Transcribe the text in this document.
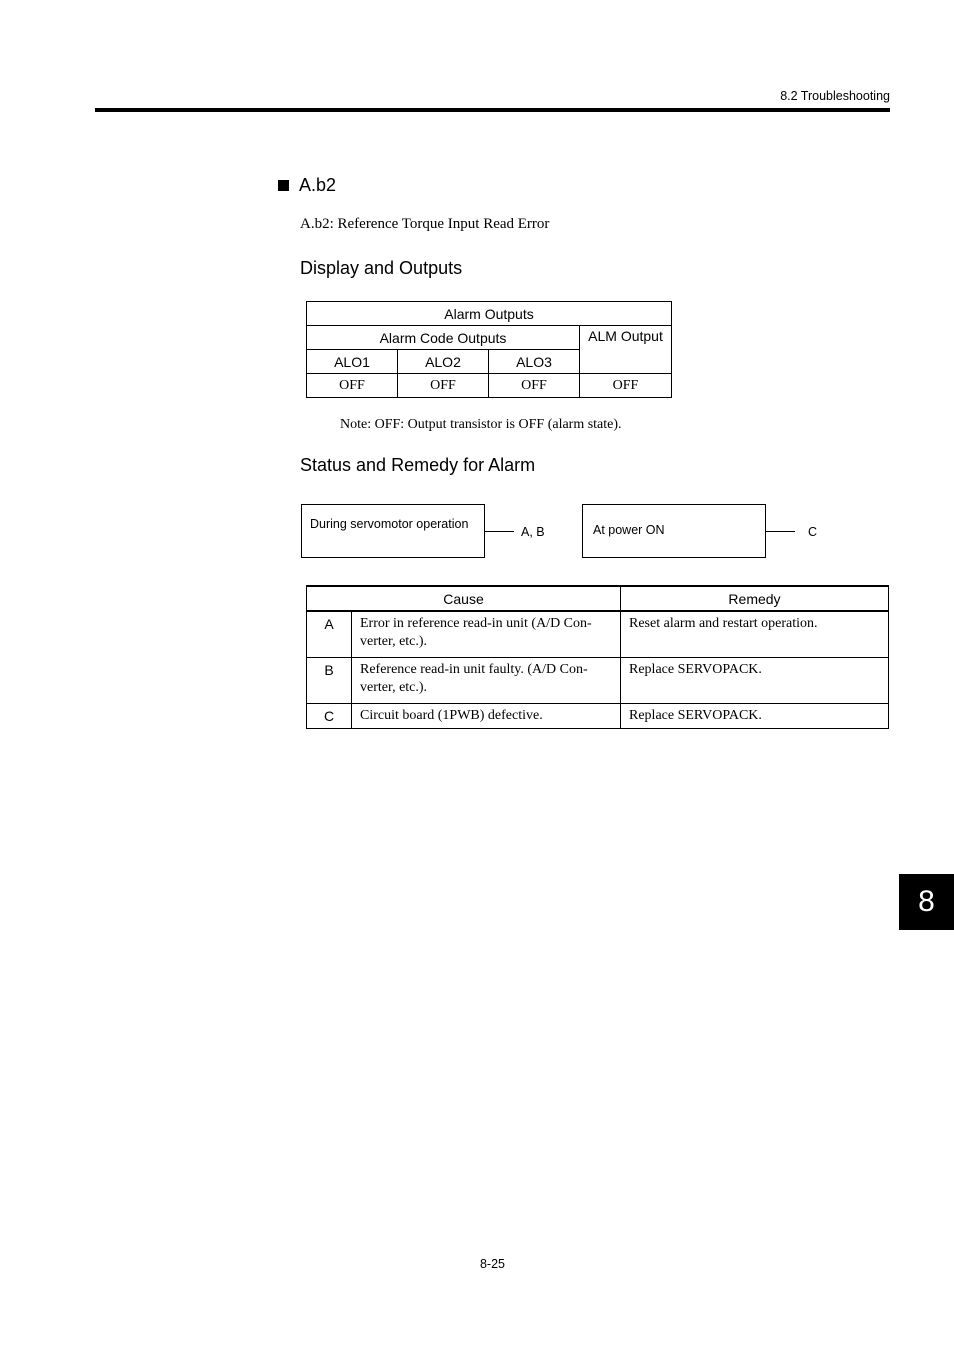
8.2 Troubleshooting
A.b2
A.b2: Reference Torque Input Read Error
Display and Outputs
Alarm Outputs			
Alarm Code Outputs			ALM Output
ALO1	ALO2	ALO3	
OFF	OFF	OFF	OFF
Note: OFF: Output transistor is OFF (alarm state).
Status and Remedy for Alarm
During servomotor operation
A, B	At power ON	C
Cause		Remedy
A	Error in reference read-in unit (A/D Con-verter, etc.).	Reset alarm and restart operation.
B	Reference read-in unit faulty. (A/D Con-verter, etc.).	Replace SERVOPACK.
C	Circuit board (1PWB) defective.	Replace SERVOPACK.
8-25
8
